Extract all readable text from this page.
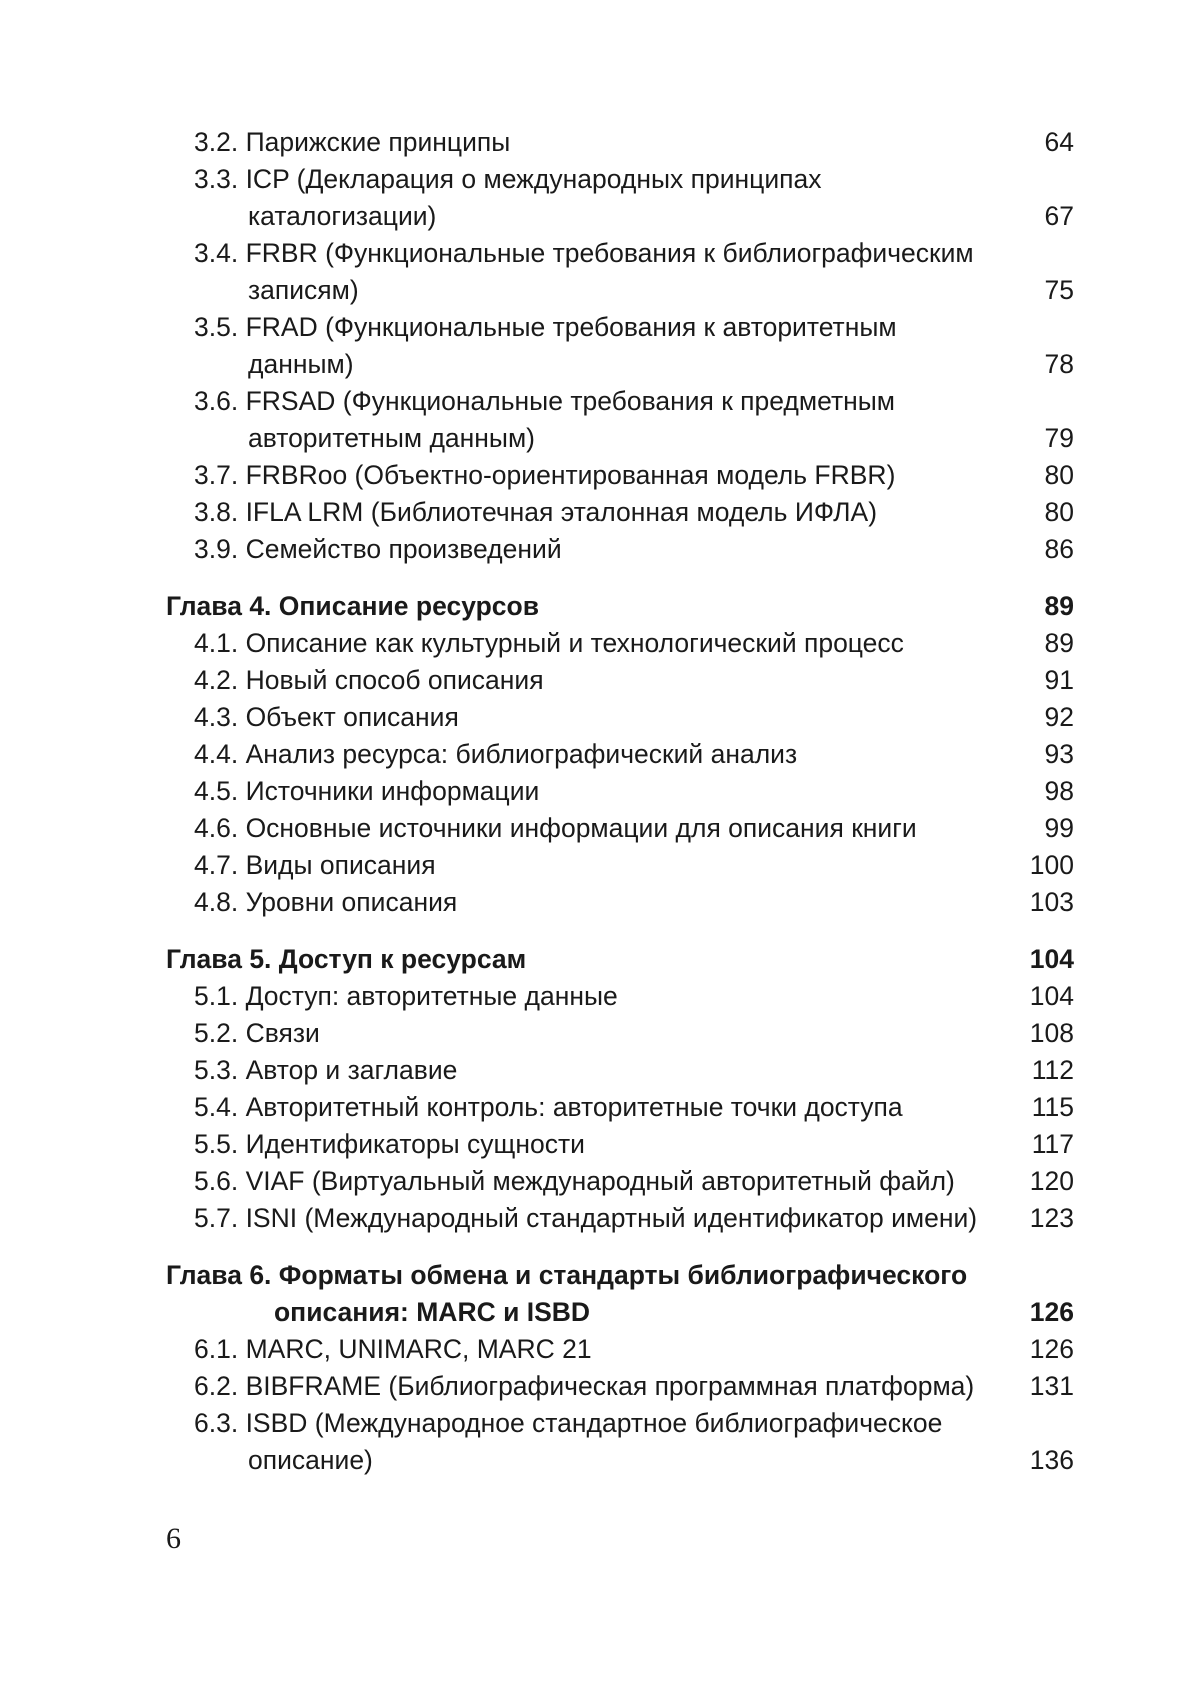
3.2. Парижские принципы	64
3.3. ICP (Декларация о международных принципах
каталогизации)	67
3.4. FRBR (Функциональные требования к библиографическим
записям)	75
3.5. FRAD (Функциональные требования к авторитетным
данным)	78
3.6. FRSAD (Функциональные требования к предметным
авторитетным данным)	79
3.7. FRBRoo (Объектно-ориентированная модель FRBR)	80
3.8. IFLA LRM (Библиотечная эталонная модель ИФЛА)	80
3.9. Семейство произведений	86
Глава 4. Описание ресурсов	89
4.1. Описание как культурный и технологический процесс	89
4.2. Новый способ описания	91
4.3. Объект описания	92
4.4. Анализ ресурса: библиографический анализ	93
4.5. Источники информации	98
4.6. Основные источники информации для описания книги	99
4.7. Виды описания	100
4.8. Уровни описания	103
Глава 5. Доступ к ресурсам	104
5.1. Доступ: авторитетные данные	104
5.2. Связи	108
5.3. Автор и заглавие	112
5.4. Авторитетный контроль: авторитетные точки доступа	115
5.5. Идентификаторы сущности	117
5.6. VIAF (Виртуальный международный авторитетный файл)	120
5.7. ISNI (Международный стандартный идентификатор имени)	123
Глава 6. Форматы обмена и стандарты библиографического
описания: MARC и ISBD	126
6.1. MARC, UNIMARC, MARC 21	126
6.2. BIBFRAME (Библиографическая программная платформа)	131
6.3. ISBD (Международное стандартное библиографическое
описание)	136
6
